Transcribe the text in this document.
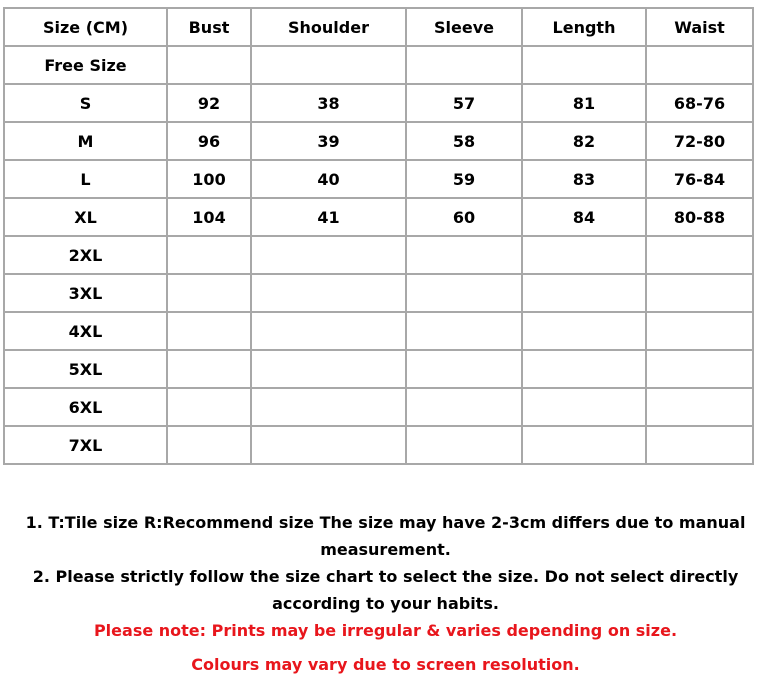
Size (CM)	Bust	Shoulder	Sleeve	Length	Waist
Free Size					
S	92	38	57	81	68-76
M	96	39	58	82	72-80
L	100	40	59	83	76-84
XL	104	41	60	84	80-88
2XL					
3XL					
4XL					
5XL					
6XL					
7XL					
1. T:Tile size R:Recommend size The size may have 2-3cm differs due to manual measurement.
2. Please strictly follow the size chart to select the size. Do not select directly according to your habits.
Please note: Prints may be irregular & varies depending on size.
Colours may vary due to screen resolution.
